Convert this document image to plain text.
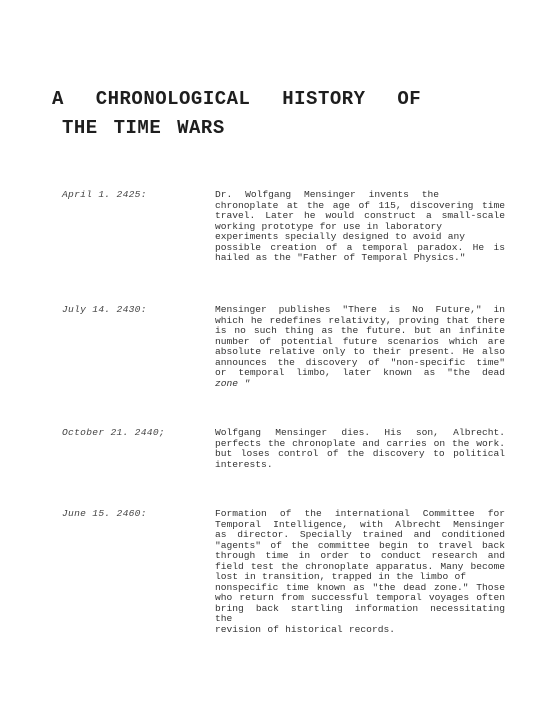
A  CHRONOLOGICAL  HISTORY  OF
THE TIME WARS
April 1. 2425:	Dr. Wolfgang Mensinger invents the
chronoplate at the age of 115, discovering time
travel. Later he would construct a small-scale
working prototype for use in laboratory
experiments specially designed to avoid any
possible creation of a temporal paradox. He is
hailed as the "Father of Temporal Physics."
July 14. 2430:	Mensinger publishes "There is No Future," in
which he redefines relativity, proving that there
is no such thing as the future. but an infinite
number of potential future scenarios which are
absolute relative only to their present. He also
announces the discovery of "non-specific time"
or temporal limbo, later known as "the dead
zone "
October 21. 2440;	Wolfgang Mensinger dies. His son, Albrecht.
perfects the chronoplate and carries on the work.
but loses control of the discovery to political
interests.
June 15. 2460:	Formation of the international Committee for
Temporal Intelligence, with Albrecht Mensinger
as director. Specially trained and conditioned
"agents" of the committee begin to travel back
through time in order to conduct research and
field test the chronoplate apparatus. Many become
lost in transition, trapped in the limbo of
nonspecific time known as "the dead zone." Those
who return from successful temporal voyages often
bring back startling information necessitating the
revision of historical records.
